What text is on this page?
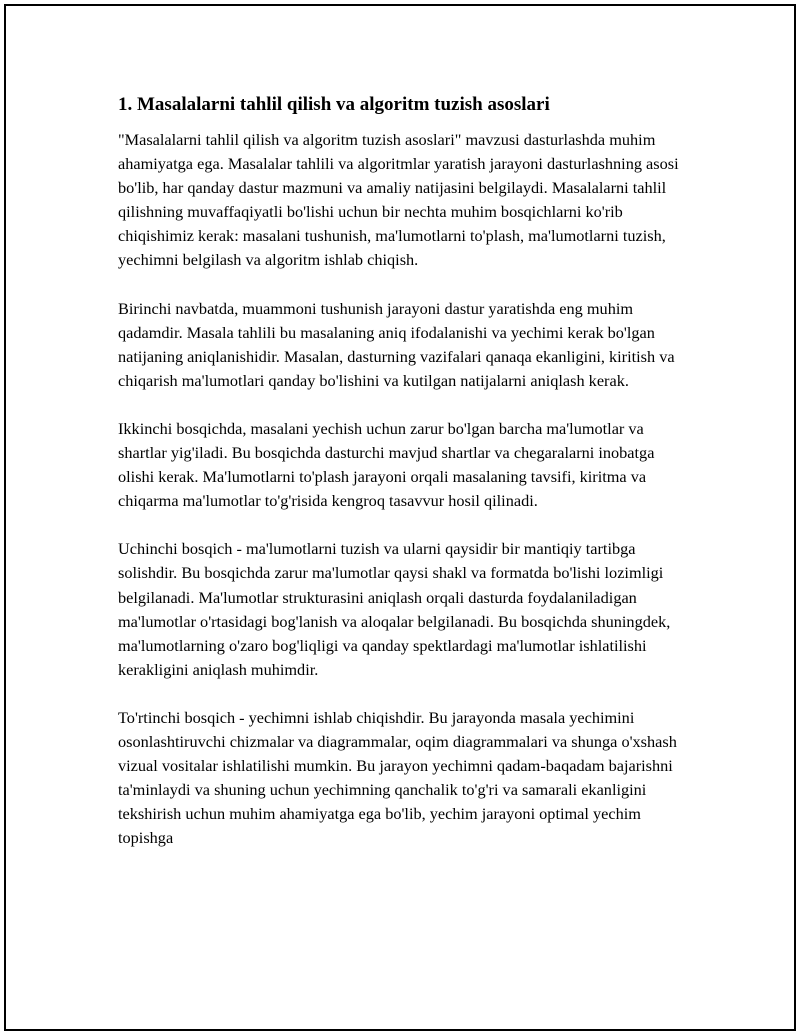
1. Masalalarni tahlil qilish va algoritm tuzish asoslari

"Masalalarni tahlil qilish va algoritm tuzish asoslari" mavzusi dasturlashda muhim ahamiyatga ega. Masalalar tahlili va algoritmlar yaratish jarayoni dasturlashning asosi bo'lib, har qanday dastur mazmuni va amaliy natijasini belgilaydi. Masalalarni tahlil qilishning muvaffaqiyatli bo'lishi uchun bir nechta muhim bosqichlarni ko'rib chiqishimiz kerak: masalani tushunish, ma'lumotlarni to'plash, ma'lumotlarni tuzish, yechimni belgilash va algoritm ishlab chiqish.

Birinchi navbatda, muammoni tushunish jarayoni dastur yaratishda eng muhim qadamdir. Masala tahlili bu masalaning aniq ifodalanishi va yechimi kerak bo'lgan natijaning aniqlanishidir. Masalan, dasturning vazifalari qanaqa ekanligini, kiritish va chiqarish ma'lumotlari qanday bo'lishini va kutilgan natijalarni aniqlash kerak.

Ikkinchi bosqichda, masalani yechish uchun zarur bo'lgan barcha ma'lumotlar va shartlar yig'iladi. Bu bosqichda dasturchi mavjud shartlar va chegaralarni inobatga olishi kerak. Ma'lumotlarni to'plash jarayoni orqali masalaning tavsifi, kiritma va chiqarma ma'lumotlar to'g'risida kengroq tasavvur hosil qilinadi.

Uchinchi bosqich - ma'lumotlarni tuzish va ularni qaysidir bir mantiqiy tartibga solishdir. Bu bosqichda zarur ma'lumotlar qaysi shakl va formatda bo'lishi lozimligi belgilanadi. Ma'lumotlar strukturasini aniqlash orqali dasturda foydalaniladigan ma'lumotlar o'rtasidagi bog'lanish va aloqalar belgilanadi. Bu bosqichda shuningdek, ma'lumotlarning o'zaro bog'liqligi va qanday spektlardagi ma'lumotlar ishlatilishi kerakligini aniqlash muhimdir.

To'rtinchi bosqich - yechimni ishlab chiqishdir. Bu jarayonda masala yechimini osonlashtiruvchi chizmalar va diagrammalar, oqim diagrammalari va shunga o'xshash vizual vositalar ishlatilishi mumkin. Bu jarayon yechimni qadam-baqadam bajarishni ta'minlaydi va shuning uchun yechimning qanchalik to'g'ri va samarali ekanligini tekshirish uchun muhim ahamiyatga ega bo'lib, yechim jarayoni optimal yechim topishga
